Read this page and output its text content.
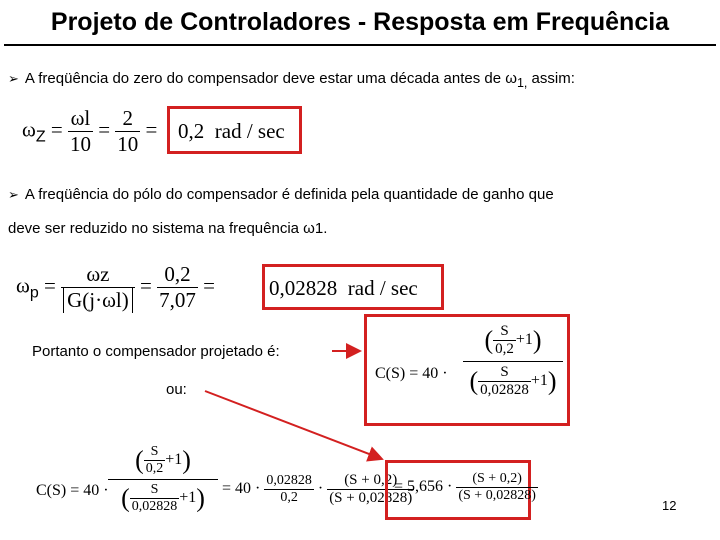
Projeto de Controladores - Resposta em Frequência
➢ A freqüência do zero do compensador deve estar uma década antes de $\omega_{1,}$ assim:
$\omega_Z = \frac{\omega l}{10} = \frac{2}{10} = 0,2$ rad / sec
➢ A freqüência do pólo do compensador é definida pela quantidade de ganho que
deve ser reduzido no sistema na frequência ω1.
$\omega_p = \frac{\omega z}{G(j\cdot\omega l)} = \frac{0,2}{7,07}$ =	0,02828 rad / sec
Portanto o compensador projetado é:
ou:
C(S) = 40 ·
( $\frac{S}{0,2} +1$)
( $\frac{S}{0,02828} +1$)
C(S) = 40 ·
( $\frac{S}{0,2} +1$)
( $\frac{S}{0,02828} +1$)	= $40 \cdot \frac{0,02828}{0,2} \cdot \frac{(S + 0,2)}{(S + 0,02828)}$
= $5,656 \cdot \frac{(S + 0,2)}{(S + 0,02828)}$
12
